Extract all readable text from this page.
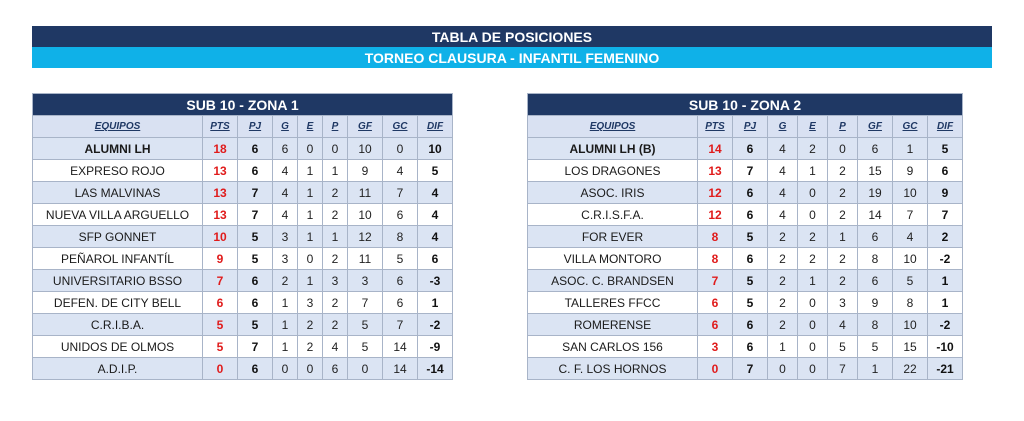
TABLA DE POSICIONES
TORNEO CLAUSURA - INFANTIL FEMENINO
SUB 10 - ZONA 1								
EQUIPOS	PTS	PJ	G	E	P	GF	GC	DIF
ALUMNI LH	18	6	6	0	0	10	0	10
EXPRESO ROJO	13	6	4	1	1	9	4	5
LAS MALVINAS	13	7	4	1	2	11	7	4
NUEVA VILLA ARGUELLO	13	7	4	1	2	10	6	4
SFP GONNET	10	5	3	1	1	12	8	4
PEÑAROL INFANTÍL	9	5	3	0	2	11	5	6
UNIVERSITARIO BSSO	7	6	2	1	3	3	6	-3
DEFEN. DE CITY BELL	6	6	1	3	2	7	6	1
C.R.I.B.A.	5	5	1	2	2	5	7	-2
UNIDOS DE OLMOS	5	7	1	2	4	5	14	-9
A.D.I.P.	0	6	0	0	6	0	14	-14
SUB 10 - ZONA 2								
EQUIPOS	PTS	PJ	G	E	P	GF	GC	DIF
ALUMNI LH (B)	14	6	4	2	0	6	1	5
LOS DRAGONES	13	7	4	1	2	15	9	6
ASOC. IRIS	12	6	4	0	2	19	10	9
C.R.I.S.F.A.	12	6	4	0	2	14	7	7
FOR EVER	8	5	2	2	1	6	4	2
VILLA MONTORO	8	6	2	2	2	8	10	-2
ASOC. C. BRANDSEN	7	5	2	1	2	6	5	1
TALLERES FFCC	6	5	2	0	3	9	8	1
ROMERENSE	6	6	2	0	4	8	10	-2
SAN CARLOS 156	3	6	1	0	5	5	15	-10
C. F. LOS HORNOS	0	7	0	0	7	1	22	-21
